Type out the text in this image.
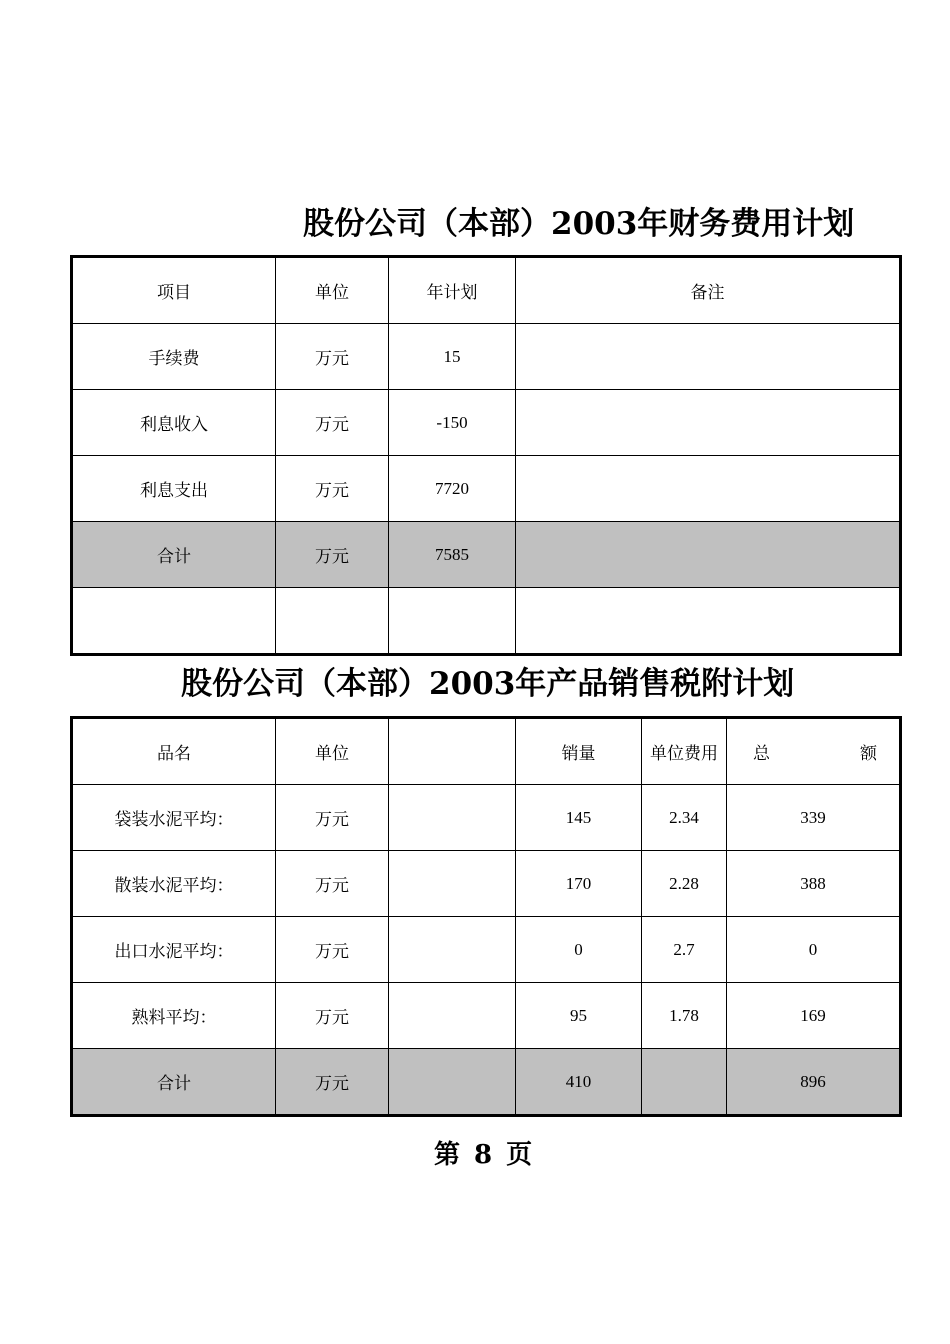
股份公司（本部）2003年财务费用计划
项目	单位	年计划	备注
手续费	万元	15	
利息收入	万元	-150	
利息支出	万元	7720	
合计	万元	7585	

股份公司（本部）2003年产品销售税附计划
品名	单位		销量	单位费用	总 额

袋装水泥平均：	万元		145	2.34	339
散装水泥平均：	万元		170	2.28	388
出口水泥平均：	万元		0	2.7	0
熟料平均：	万元		95	1.78	169
合计	万元		410		896

第 8 页
